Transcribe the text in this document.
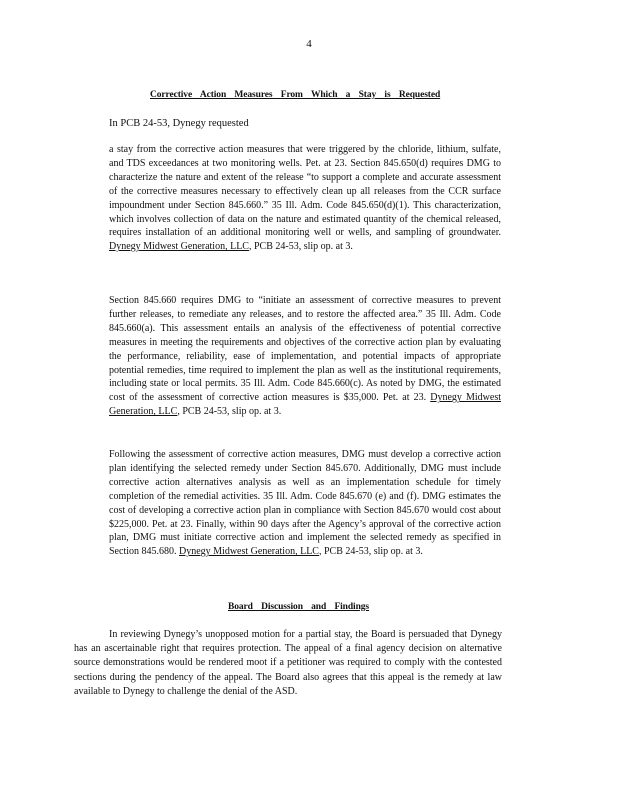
4
Corrective Action Measures From Which a Stay is Requested
In PCB 24-53, Dynegy requested
a stay from the corrective action measures that were triggered by the chloride, lithium, sulfate, and TDS exceedances at two monitoring wells. Pet. at 23. Section 845.650(d) requires DMG to characterize the nature and extent of the release “to support a complete and accurate assessment of the corrective measures necessary to effectively clean up all releases from the CCR surface impoundment under Section 845.660.” 35 Ill. Adm. Code 845.650(d)(1). This characterization, which involves collection of data on the nature and estimated quantity of the chemical released, requires installation of an additional monitoring well or wells, and sampling of groundwater. Dynegy Midwest Generation, LLC, PCB 24-53, slip op. at 3.
Section 845.660 requires DMG to “initiate an assessment of corrective measures to prevent further releases, to remediate any releases, and to restore the affected area.” 35 Ill. Adm. Code 845.660(a). This assessment entails an analysis of the effectiveness of potential corrective measures in meeting the requirements and objectives of the corrective action plan by evaluating the performance, reliability, ease of implementation, and potential impacts of appropriate potential remedies, time required to implement the plan as well as the institutional requirements, including state or local permits. 35 Ill. Adm. Code 845.660(c). As noted by DMG, the estimated cost of the assessment of corrective action measures is $35,000. Pet. at 23. Dynegy Midwest Generation, LLC, PCB 24-53, slip op. at 3.
Following the assessment of corrective action measures, DMG must develop a corrective action plan identifying the selected remedy under Section 845.670. Additionally, DMG must include corrective action alternatives analysis as well as an implementation schedule for timely completion of the remedial activities. 35 Ill. Adm. Code 845.670 (e) and (f). DMG estimates the cost of developing a corrective action plan in compliance with Section 845.670 would cost about $225,000. Pet. at 23. Finally, within 90 days after the Agency’s approval of the corrective action plan, DMG must initiate corrective action and implement the selected remedy as specified in Section 845.680. Dynegy Midwest Generation, LLC, PCB 24-53, slip op. at 3.
Board Discussion and Findings
In reviewing Dynegy’s unopposed motion for a partial stay, the Board is persuaded that Dynegy has an ascertainable right that requires protection. The appeal of a final agency decision on alternative source demonstrations would be rendered moot if a petitioner was required to comply with the contested sections during the pendency of the appeal. The Board also agrees that this appeal is the remedy at law available to Dynegy to challenge the denial of the ASD.
